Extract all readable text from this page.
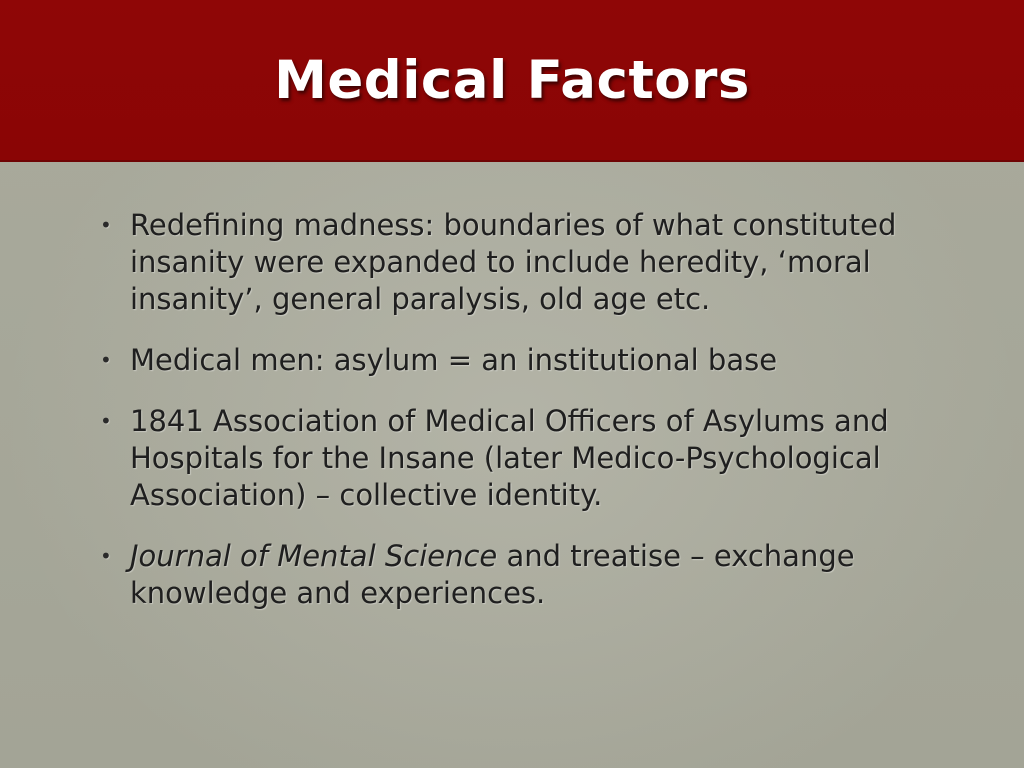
Medical Factors
• Redefining madness: boundaries of what constituted insanity were expanded to include heredity, ‘moral insanity’, general paralysis, old age etc.
• Medical men: asylum = an institutional base
• 1841 Association of Medical Officers of Asylums and Hospitals for the Insane (later Medico-Psychological Association) – collective identity.
• Journal of Mental Science and treatise – exchange knowledge and experiences.
